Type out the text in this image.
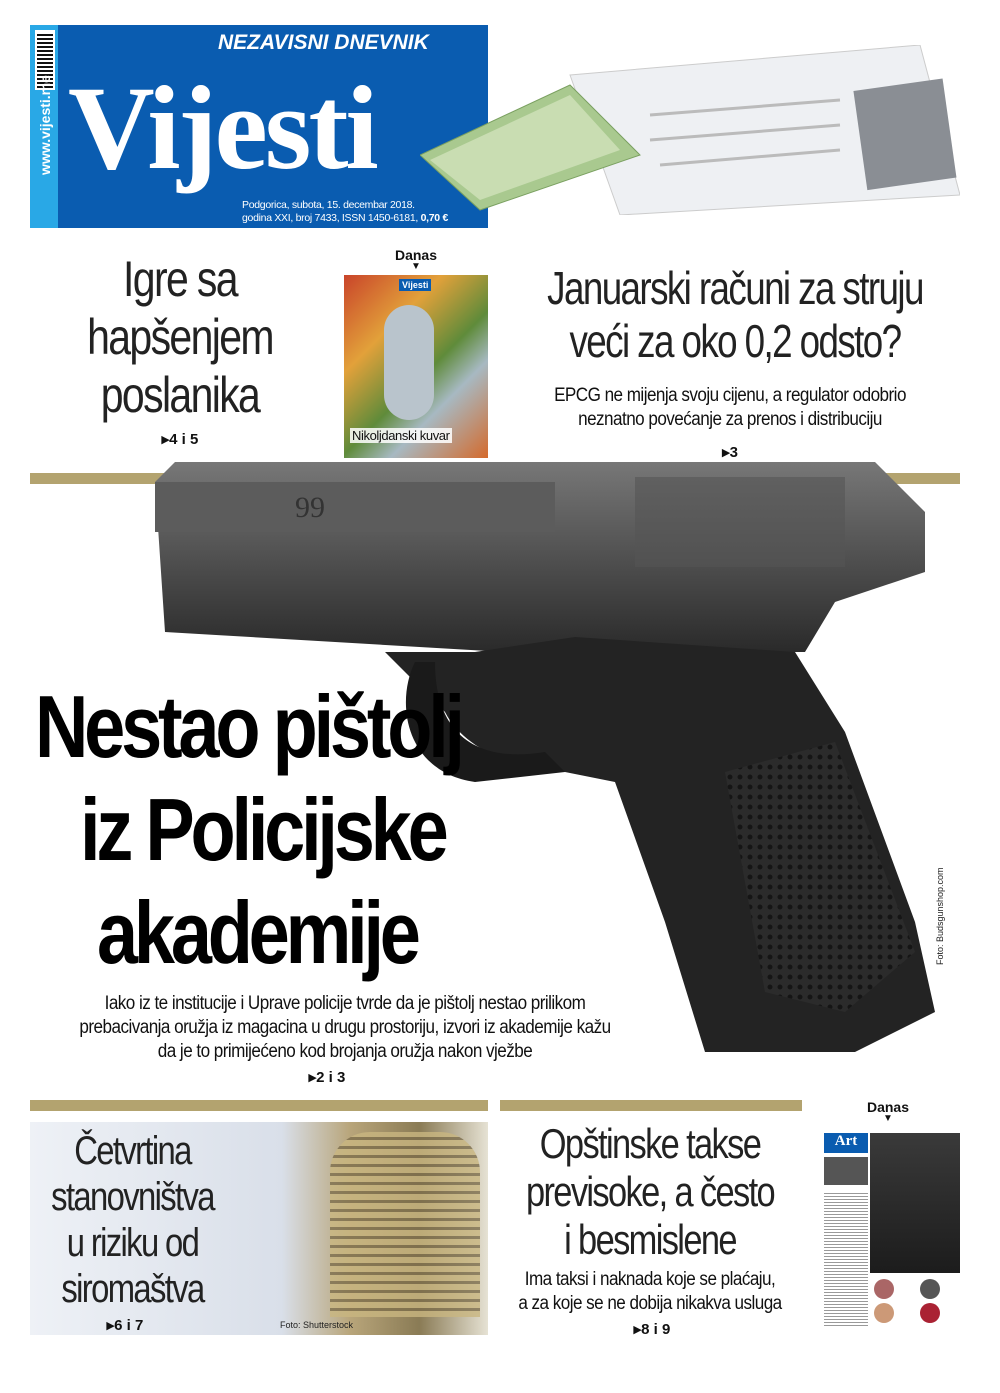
www.vijesti.me Vijesti
NEZAVISNI DNEVNIK
Podgorica, subota, 15. decembar 2018.
godina XXI, broj 7433, ISSN 1450-6181, 0,70 €
Igre sa
hapšenjem
poslanika
▸ 4 i 5
Danas ▼
Vijesti
Nikoljdanski kuvar
Januarski računi za struju
veći za oko 0,2 odsto?
EPCG ne mijenja svoju cijenu, a regulator odobrio
neznatno povećanje za prenos i distribuciju
▸ 3
99
Nestao pištolj
iz Policijske
akademije	Foto: Budsgunshop.com
Iako iz te institucije i Uprave policije tvrde da je pištolj nestao prilikom
prebacivanja oružja iz magacina u drugu prostoriju, izvori iz akademije kažu
da je to primijećeno kod brojanja oružja nakon vježbe
▸ 2 i 3
Foto: Shutterstock
Četvrtina
stanovništva
u riziku od
siromaštva
▸ 6 i 7
Opštinske takse
previsoke, a često
i besmislene
Ima taksi i naknada koje se plaćaju,
a za koje se ne dobija nikakva usluga
▸ 8 i 9
Danas ▼
Art
